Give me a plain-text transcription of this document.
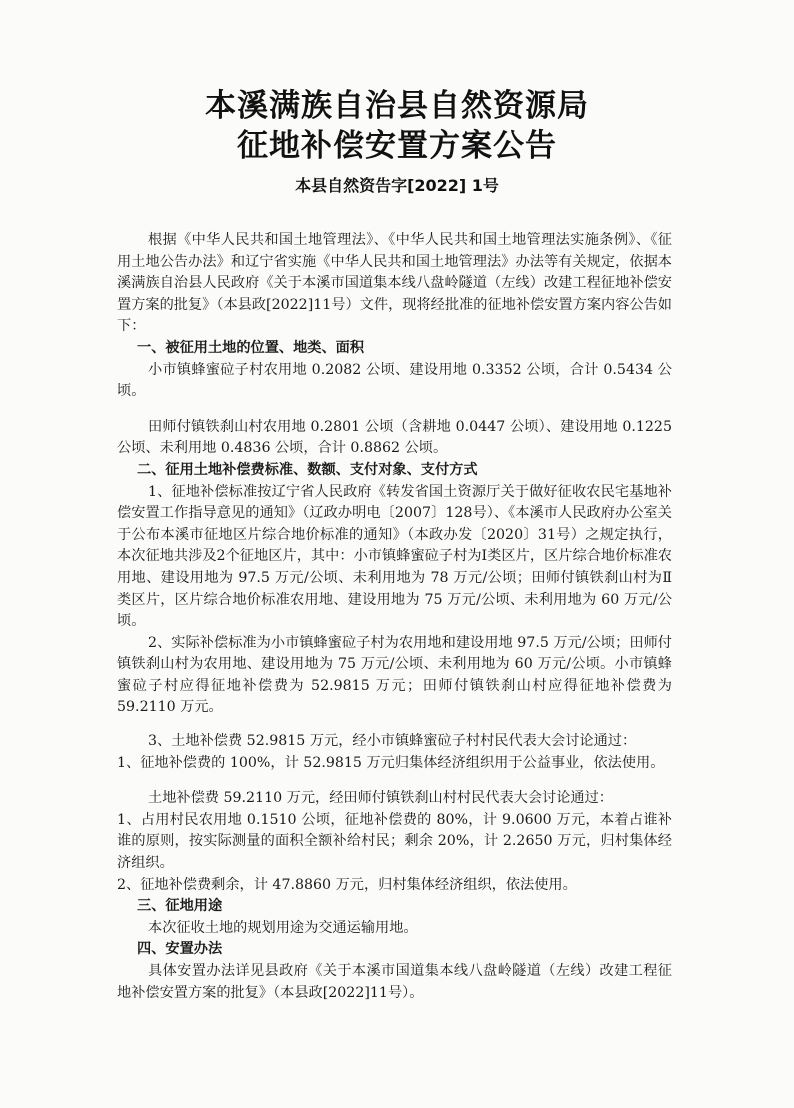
本溪满族自治县自然资源局
征地补偿安置方案公告
本县自然资告字[2022] 1号

根据《中华人民共和国土地管理法》、《中华人民共和国土地管理法实施条例》、《征用土地公告办法》和辽宁省实施《中华人民共和国土地管理法》办法等有关规定，依据本溪满族自治县人民政府《关于本溪市国道集本线八盘岭隧道（左线）改建工程征地补偿安置方案的批复》（本县政[2022]11号）文件，现将经批准的征地补偿安置方案内容公告如下：

一、被征用土地的位置、地类、面积

小市镇蜂蜜砬子村农用地 0.2082 公顷、建设用地 0.3352 公顷，合计 0.5434 公顷。

田师付镇铁刹山村农用地 0.2801 公顷（含耕地 0.0447 公顷）、建设用地 0.1225 公顷、未利用地 0.4836 公顷，合计 0.8862 公顷。

二、征用土地补偿费标准、数额、支付对象、支付方式

1、征地补偿标准按辽宁省人民政府《转发省国土资源厅关于做好征收农民宅基地补偿安置工作指导意见的通知》（辽政办明电〔2007〕128号）、《本溪市人民政府办公室关于公布本溪市征地区片综合地价标准的通知》（本政办发〔2020〕31号）之规定执行，本次征地共涉及2个征地区片，其中：小市镇蜂蜜砬子村为Ⅰ类区片，区片综合地价标准农用地、建设用地为 97.5 万元/公顷、未利用地为 78 万元/公顷；田师付镇铁刹山村为Ⅱ类区片，区片综合地价标准农用地、建设用地为 75 万元/公顷、未利用地为 60 万元/公顷。

2、实际补偿标准为小市镇蜂蜜砬子村为农用地和建设用地 97.5 万元/公顷；田师付镇铁刹山村为农用地、建设用地为 75 万元/公顷、未利用地为 60 万元/公顷。小市镇蜂蜜砬子村应得征地补偿费为 52.9815 万元；田师付镇铁刹山村应得征地补偿费为 59.2110 万元。

3、土地补偿费 52.9815 万元，经小市镇蜂蜜砬子村村民代表大会讨论通过：

1、征地补偿费的 100%，计 52.9815 万元归集体经济组织用于公益事业，依法使用。

土地补偿费 59.2110 万元，经田师付镇铁刹山村村民代表大会讨论通过：

1、占用村民农用地 0.1510 公顷，征地补偿费的 80%，计 9.0600 万元，本着占谁补谁的原则，按实际测量的面积全额补给村民；剩余 20%，计 2.2650 万元，归村集体经济组织。

2、征地补偿费剩余，计 47.8860 万元，归村集体经济组织，依法使用。

三、征地用途

本次征收土地的规划用途为交通运输用地。

四、安置办法

具体安置办法详见县政府《关于本溪市国道集本线八盘岭隧道（左线）改建工程征地补偿安置方案的批复》（本县政[2022]11号）。
